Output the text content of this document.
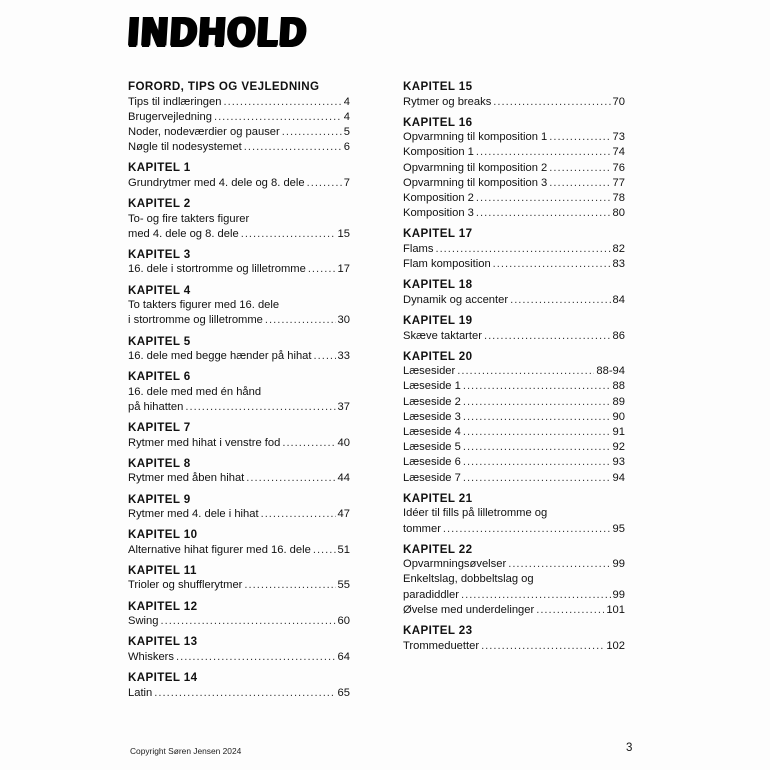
INDHOLD
FORORD, TIPS OG VEJLEDNING
Tips til indlæringen .....	4
Brugervejledning .....	4
Noder, nodeværdier og pauser .....	5
Nøgle til nodesystemet .....	6
KAPITEL 1
Grundrytmer med 4. dele og 8. dele .....	7
KAPITEL 2
To- og fire takters figurer
med 4. dele og 8. dele .....	15
KAPITEL 3
16. dele i stortromme og lilletromme .....	17
KAPITEL 4
To takters figurer med 16. dele
i stortromme og lilletromme .....	30
KAPITEL 5
16. dele med begge hænder på hihat ..... 33
KAPITEL 6
16. dele med med én hånd
på hihatten .....	37
KAPITEL 7
Rytmer med hihat i venstre fod .....	40
KAPITEL 8
Rytmer med åben hihat .....	44
KAPITEL 9
Rytmer med 4. dele i hihat .....	47
KAPITEL 10
Alternative hihat figurer med 16. dele ..... 51
KAPITEL 11
Trioler og shufflerytmer .....	55
KAPITEL 12
Swing .....	60
KAPITEL 13
Whiskers .....	64
KAPITEL 14
Latin .....	65
KAPITEL 15
Rytmer og breaks .....	70
KAPITEL 16
Opvarmning til komposition 1 .....	73
Komposition 1 .....	74
Opvarmning til komposition 2 .....	76
Opvarmning til komposition 3 .....	77
Komposition 2 .....	78
Komposition 3 .....	80
KAPITEL 17
Flams .....	82
Flam komposition .....	83
KAPITEL 18
Dynamik og accenter .....	84
KAPITEL 19
Skæve taktarter .....	86
KAPITEL 20
Læsesider .....	88-94
Læseside 1 .....	88
Læseside 2 .....	89
Læseside 3 .....	90
Læseside 4 .....	91
Læseside 5 .....	92
Læseside 6 .....	93
Læseside 7 .....	94
KAPITEL 21
Idéer til fills på lilletromme og
tommer .....	95
KAPITEL 22
Opvarmningsøvelser .....	99
Enkeltslag, dobbeltslag og
paradiddler .....	99
Øvelse med underdelinger .....	101
KAPITEL 23
Trommeduetter .....	102
Copyright Søren Jensen 2024	3
